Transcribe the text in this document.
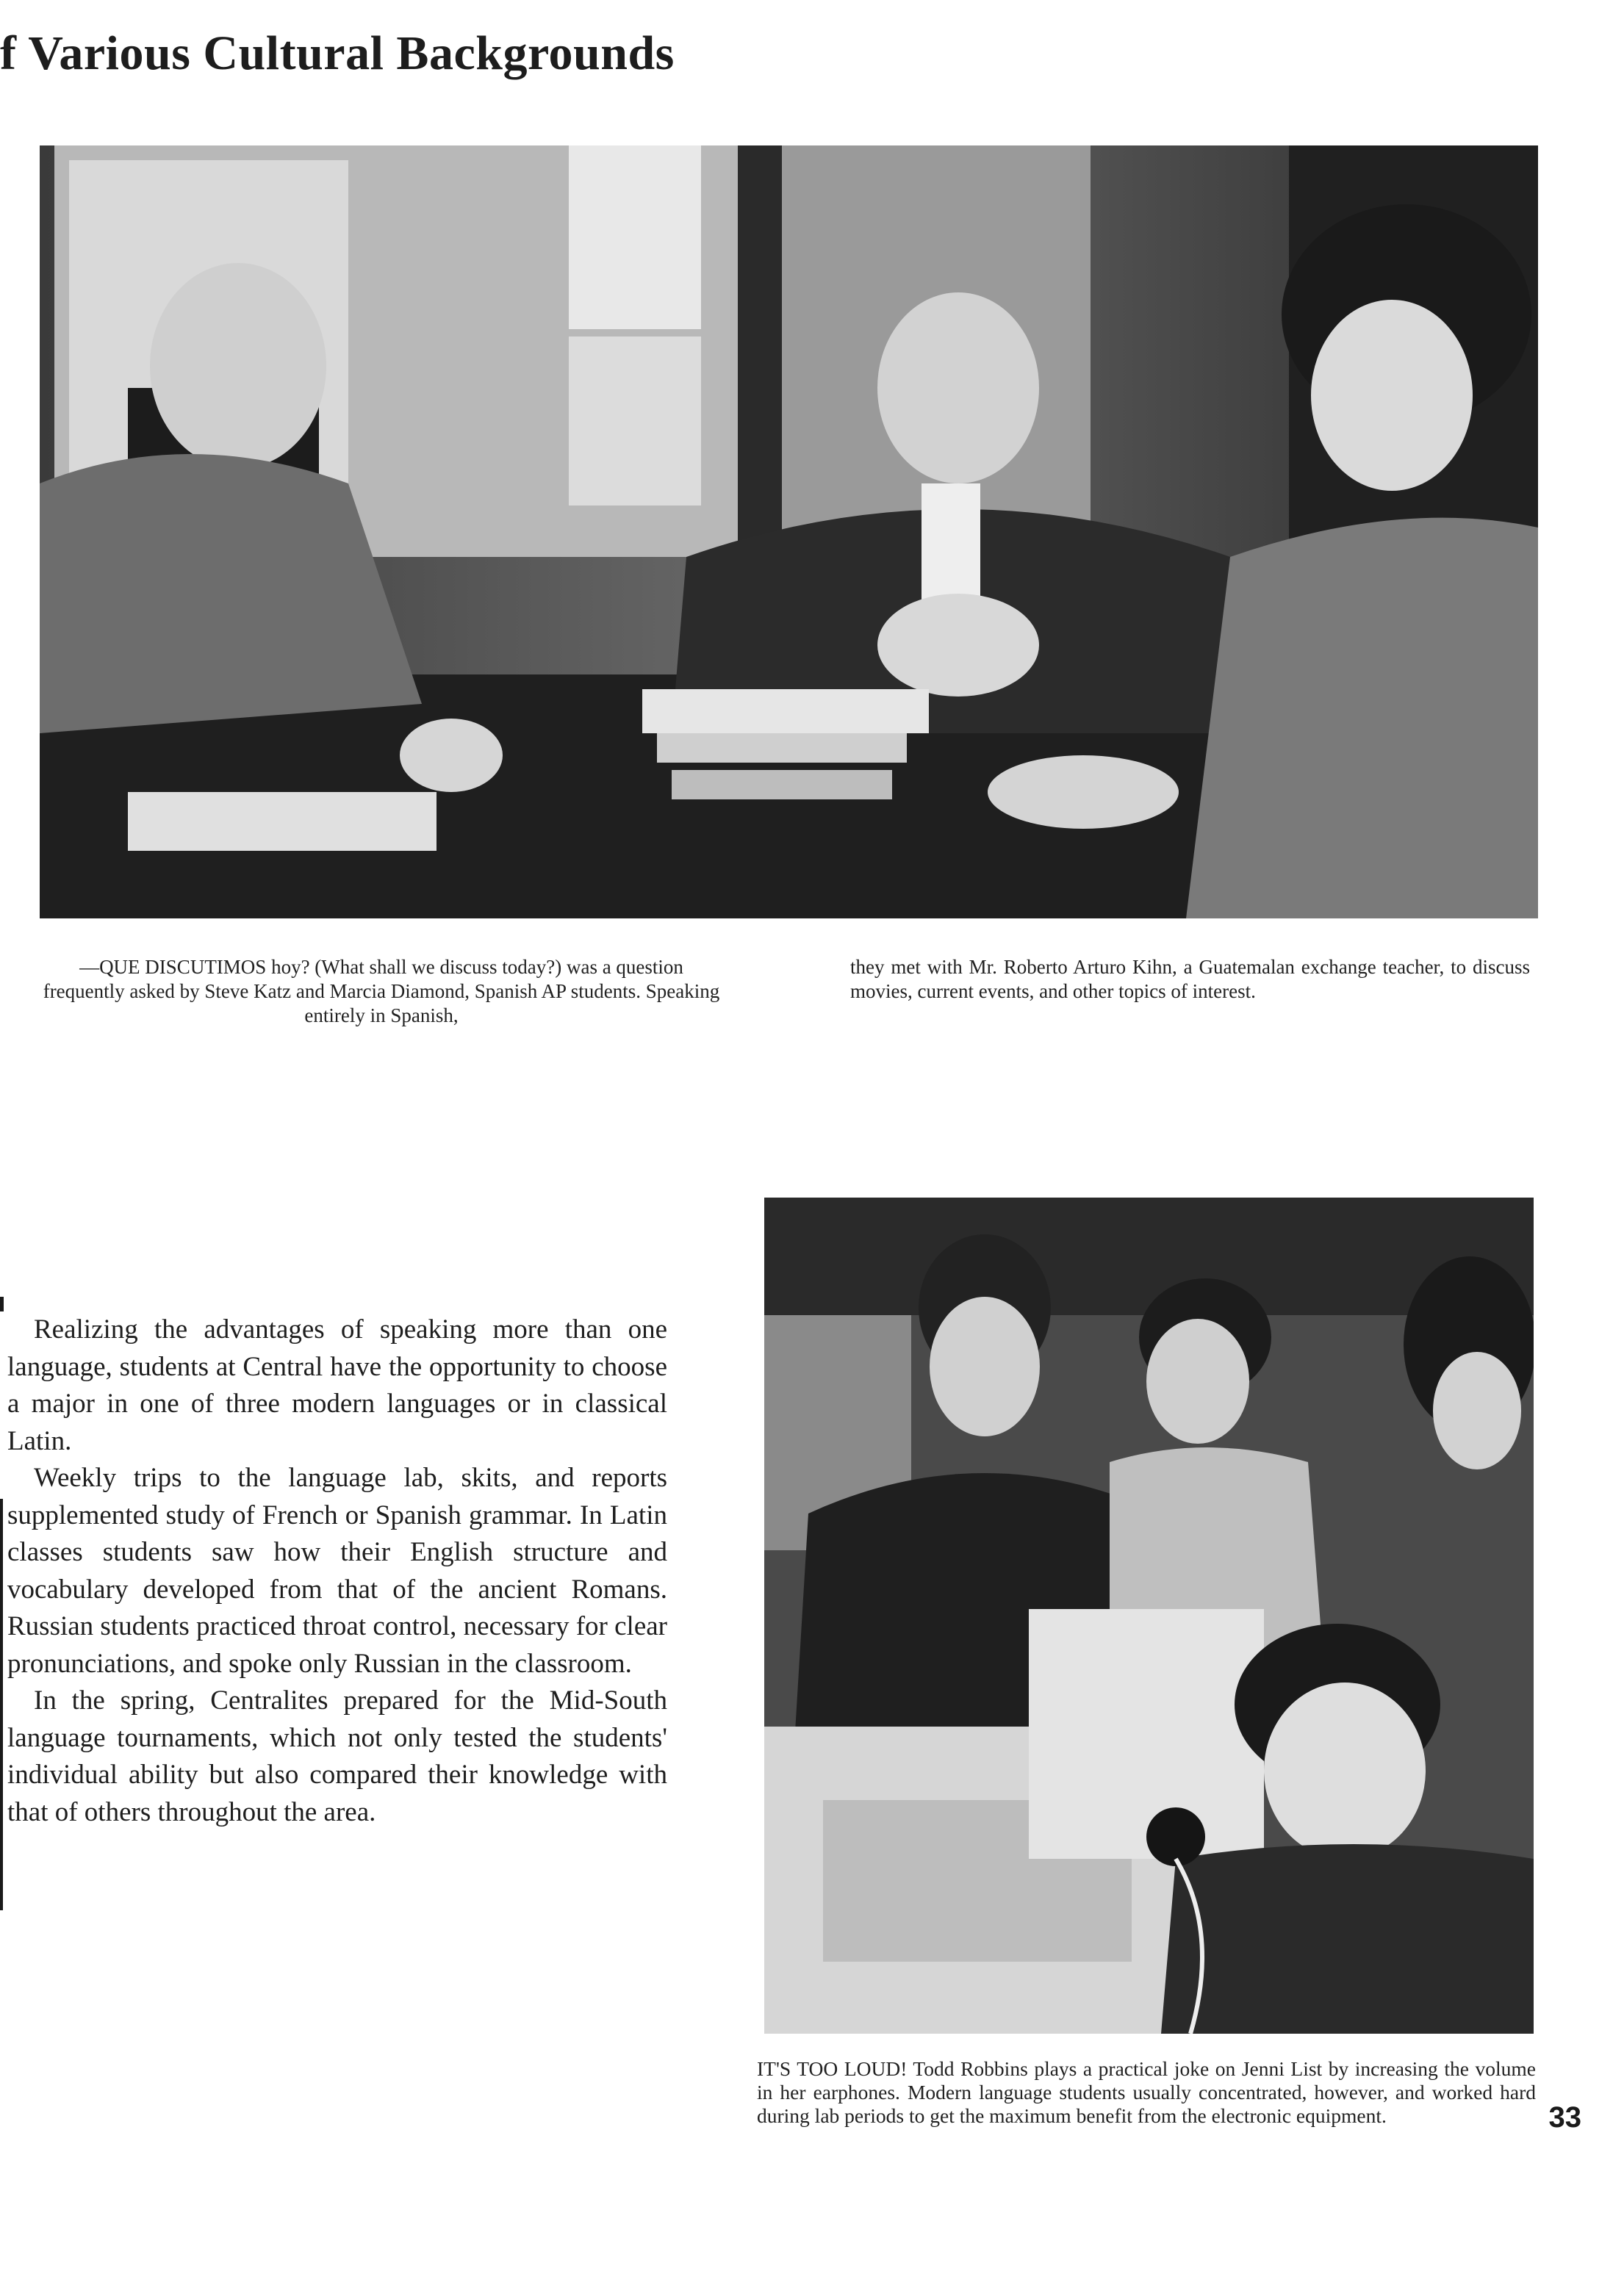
f Various Cultural Backgrounds
—QUE DISCUTIMOS hoy? (What shall we discuss today?) was a question frequently asked by Steve Katz and Marcia Diamond, Spanish AP students. Speaking entirely in Spanish,
they met with Mr. Roberto Arturo Kihn, a Guatemalan exchange teacher, to discuss movies, current events, and other topics of interest.

Realizing the advantages of speaking more than one language, students at Central have the opportunity to choose a major in one of three modern languages or in classical Latin.

Weekly trips to the language lab, skits, and reports supplemented study of French or Spanish grammar. In Latin classes students saw how their English structure and vocabulary developed from that of the ancient Romans. Russian students practiced throat control, necessary for clear pronunciations, and spoke only Russian in the classroom.

In the spring, Centralites prepared for the Mid-South language tournaments, which not only tested the students' individual ability but also compared their knowledge with that of others throughout the area.

IT'S TOO LOUD! Todd Robbins plays a practical joke on Jenni List by increasing the volume in her earphones. Modern language students usually concentrated, however, and worked hard during lab periods to get the maximum benefit from the electronic equipment.	33
